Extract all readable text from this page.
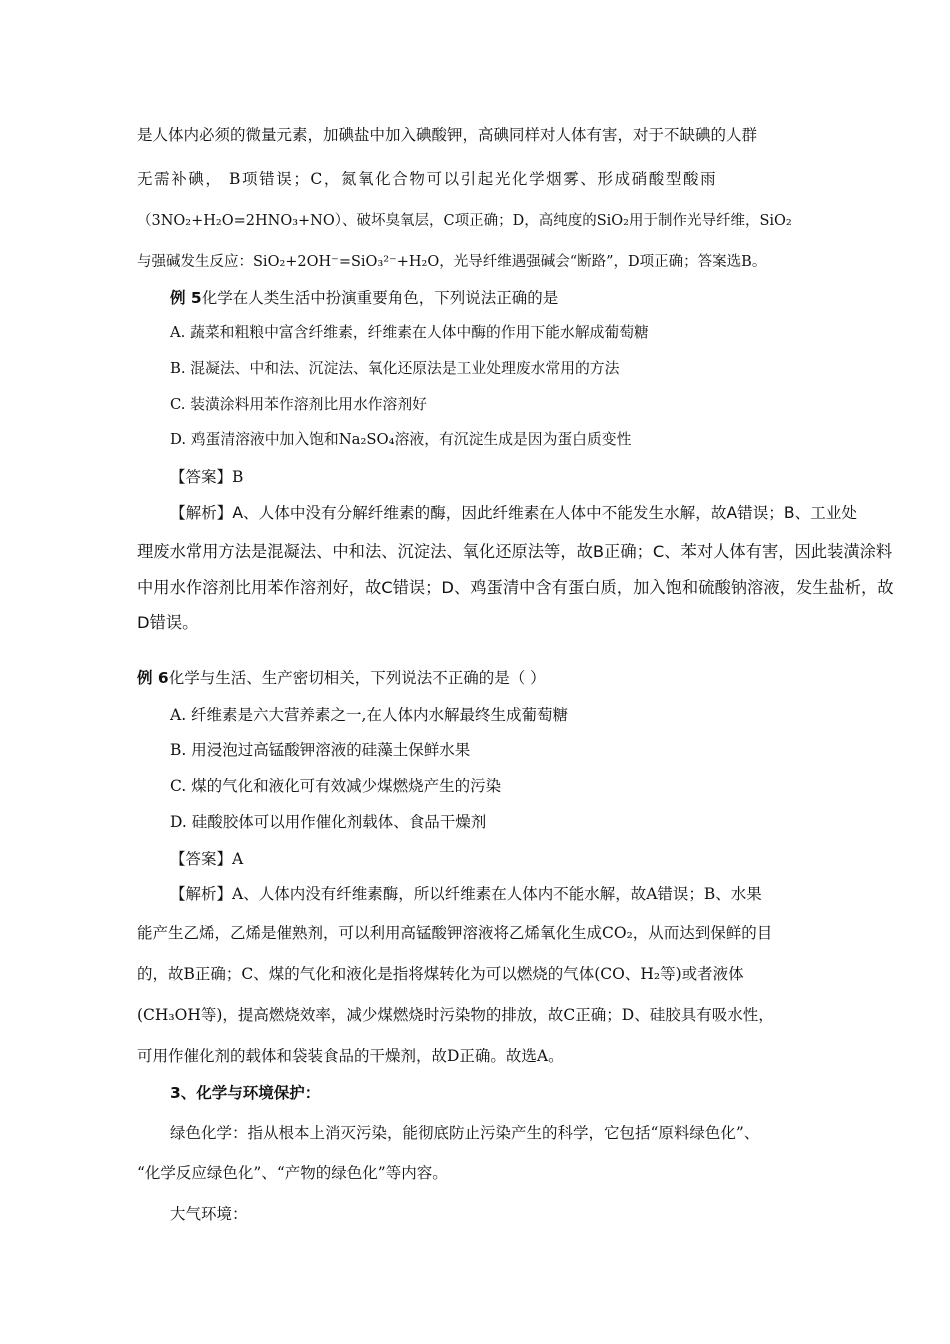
是人体内必须的微量元素，加碘盐中加入碘酸钾，高碘同样对人体有害，对于不缺碘的人群
无需补碘， B项错误；C，氮氧化合物可以引起光化学烟雾、形成硝酸型酸雨
（3NO₂+H₂O=2HNO₃+NO）、破坏臭氧层，C项正确；D，高纯度的SiO₂用于制作光导纤维，SiO₂
与强碱发生反应：SiO₂+2OH⁻=SiO₃²⁻+H₂O，光导纤维遇强碱会“断路”，D项正确；答案选B。
例 5化学在人类生活中扮演重要角色，下列说法正确的是
A. 蔬菜和粗粮中富含纤维素，纤维素在人体中酶的作用下能水解成葡萄糖
B. 混凝法、中和法、沉淀法、氧化还原法是工业处理废水常用的方法
C. 装潢涂料用苯作溶剂比用水作溶剂好
D. 鸡蛋清溶液中加入饱和Na₂SO₄溶液，有沉淀生成是因为蛋白质变性
【答案】B
【解析】A、人体中没有分解纤维素的酶，因此纤维素在人体中不能发生水解，故A错误；B、工业处
理废水常用方法是混凝法、中和法、沉淀法、氧化还原法等，故B正确；C、苯对人体有害，因此装潢涂料
中用水作溶剂比用苯作溶剂好，故C错误；D、鸡蛋清中含有蛋白质，加入饱和硫酸钠溶液，发生盐析，故
D错误。
例 6化学与生活、生产密切相关，下列说法不正确的是（ ）
A. 纤维素是六大营养素之一,在人体内水解最终生成葡萄糖
B. 用浸泡过高锰酸钾溶液的硅藻土保鲜水果
C. 煤的气化和液化可有效减少煤燃烧产生的污染
D. 硅酸胶体可以用作催化剂载体、食品干燥剂
【答案】A
【解析】A、人体内没有纤维素酶，所以纤维素在人体内不能水解，故A错误；B、水果
能产生乙烯，乙烯是催熟剂，可以利用高锰酸钾溶液将乙烯氧化生成CO₂，从而达到保鲜的目
的，故B正确；C、煤的气化和液化是指将煤转化为可以燃烧的气体(CO、H₂等)或者液体
(CH₃OH等)，提高燃烧效率，减少煤燃烧时污染物的排放，故C正确；D、硅胶具有吸水性，
可用作催化剂的载体和袋装食品的干燥剂，故D正确。故选A。
3、化学与环境保护：
绿色化学：指从根本上消灭污染，能彻底防止污染产生的科学，它包括“原料绿色化”、
“化学反应绿色化”、“产物的绿色化”等内容。
大气环境：
